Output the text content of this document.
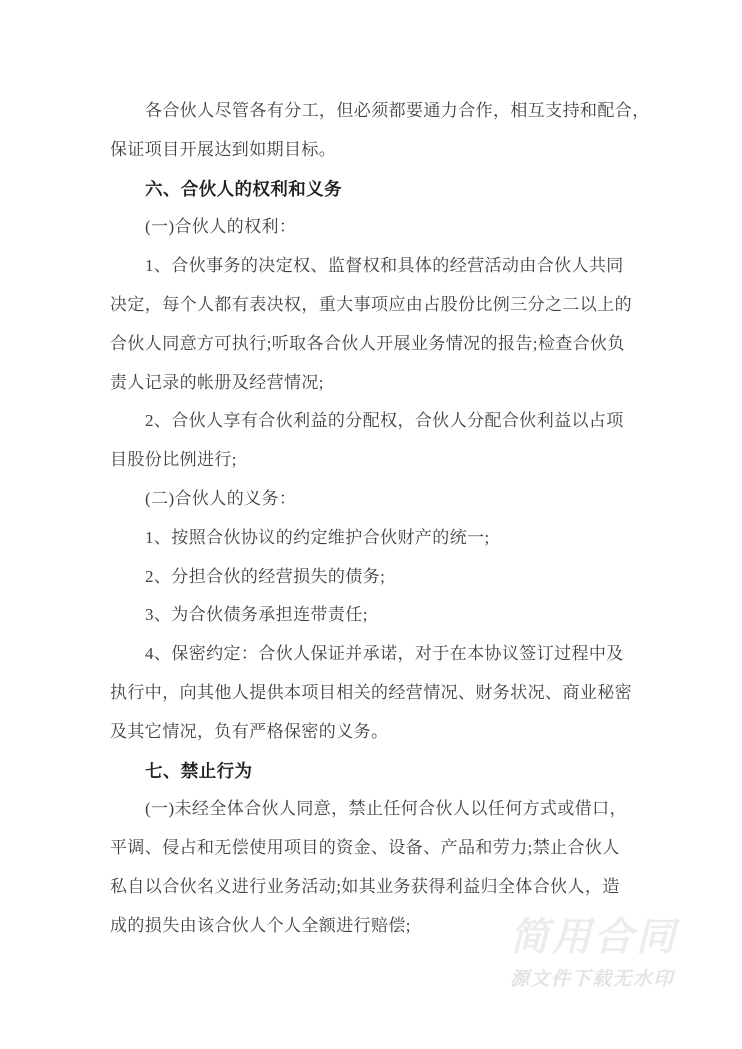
各合伙人尽管各有分工，但必须都要通力合作，相互支持和配合，
保证项目开展达到如期目标。
六、合伙人的权利和义务
(一)合伙人的权利：
1、合伙事务的决定权、监督权和具体的经营活动由合伙人共同
决定，每个人都有表决权，重大事项应由占股份比例三分之二以上的
合伙人同意方可执行;听取各合伙人开展业务情况的报告;检查合伙负
责人记录的帐册及经营情况;
2、合伙人享有合伙利益的分配权，合伙人分配合伙利益以占项
目股份比例进行;
(二)合伙人的义务：
1、按照合伙协议的约定维护合伙财产的统一;
2、分担合伙的经营损失的债务;
3、为合伙债务承担连带责任;
4、保密约定：合伙人保证并承诺，对于在本协议签订过程中及
执行中，向其他人提供本项目相关的经营情况、财务状况、商业秘密
及其它情况，负有严格保密的义务。
七、禁止行为
(一)未经全体合伙人同意，禁止任何合伙人以任何方式或借口，
平调、侵占和无偿使用项目的资金、设备、产品和劳力;禁止合伙人
私自以合伙名义进行业务活动;如其业务获得利益归全体合伙人，造
成的损失由该合伙人个人全额进行赔偿;	简用合同
源文件下载无水印
